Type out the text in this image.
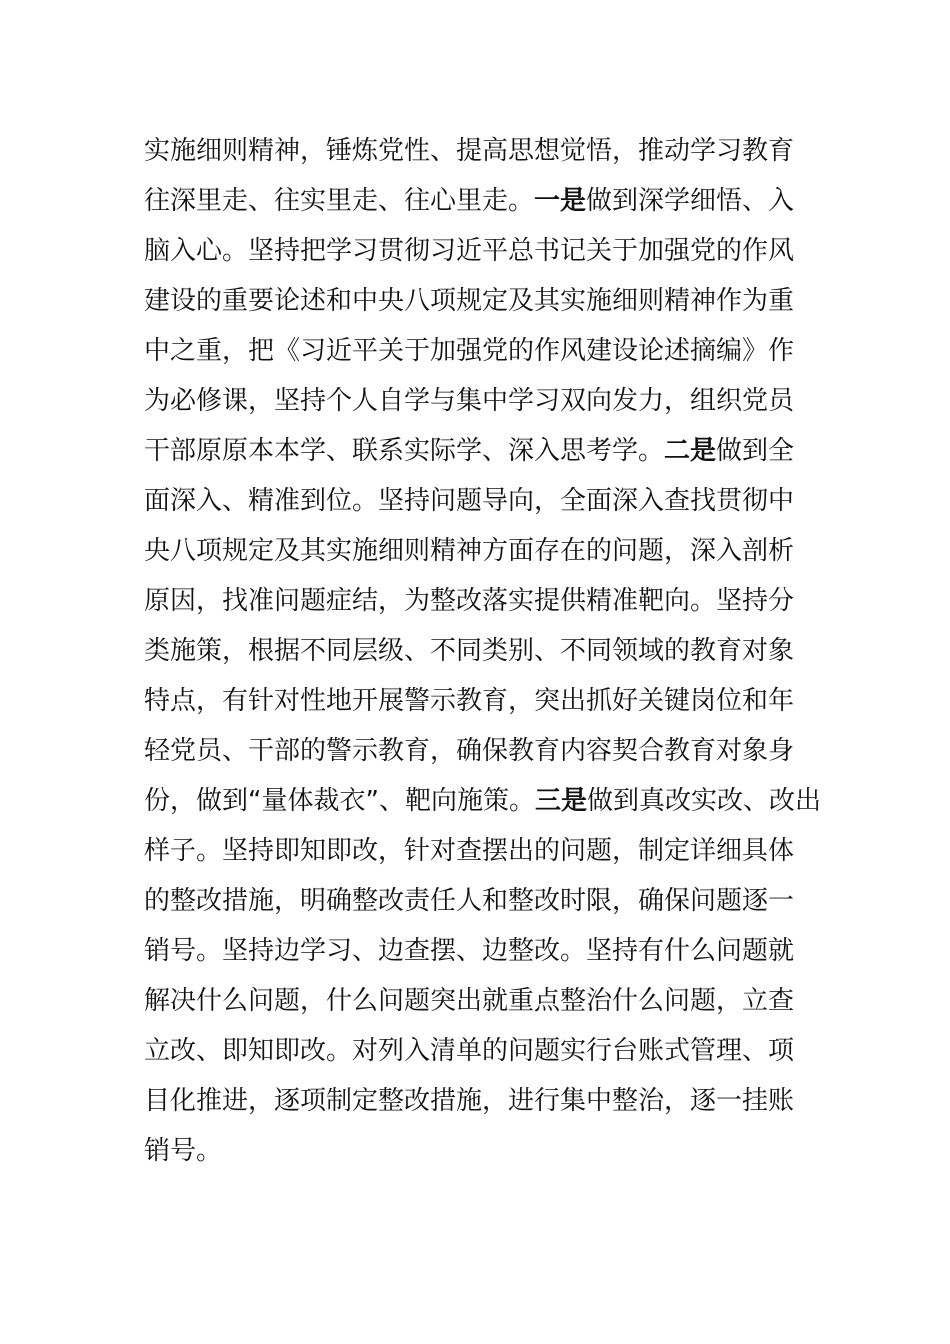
实施细则精神，锤炼党性、提高思想觉悟，推动学习教育
往深里走、往实里走、往心里走。一是做到深学细悟、入
脑入心。坚持把学习贯彻习近平总书记关于加强党的作风
建设的重要论述和中央八项规定及其实施细则精神作为重
中之重，把《习近平关于加强党的作风建设论述摘编》作
为必修课，坚持个人自学与集中学习双向发力，组织党员
干部原原本本学、联系实际学、深入思考学。二是做到全
面深入、精准到位。坚持问题导向，全面深入查找贯彻中
央八项规定及其实施细则精神方面存在的问题，深入剖析
原因，找准问题症结，为整改落实提供精准靶向。坚持分
类施策，根据不同层级、不同类别、不同领域的教育对象
特点，有针对性地开展警示教育，突出抓好关键岗位和年
轻党员、干部的警示教育，确保教育内容契合教育对象身
份，做到“量体裁衣”、靶向施策。三是做到真改实改、改出
样子。坚持即知即改，针对查摆出的问题，制定详细具体
的整改措施，明确整改责任人和整改时限，确保问题逐一
销号。坚持边学习、边查摆、边整改。坚持有什么问题就
解决什么问题，什么问题突出就重点整治什么问题，立查
立改、即知即改。对列入清单的问题实行台账式管理、项
目化推进，逐项制定整改措施，进行集中整治，逐一挂账
销号。
